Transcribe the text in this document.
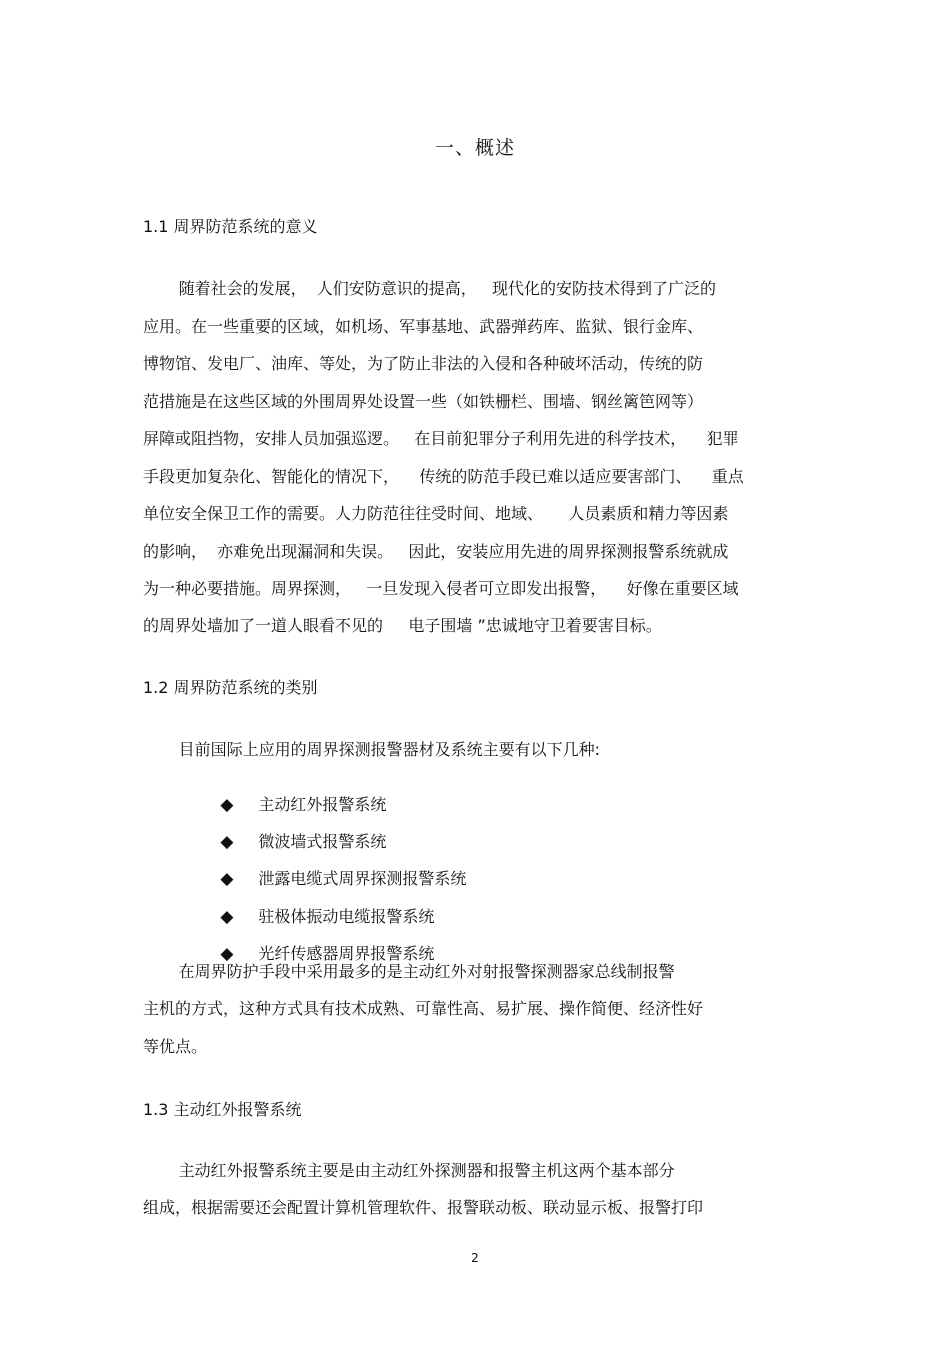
一、概述
1.1 周界防范系统的意义
随着社会的发展，  人们安防意识的提高，   现代化的安防技术得到了广泛的
应用。在一些重要的区域，如机场、军事基地、武器弹药库、监狱、银行金库、
博物馆、发电厂、油库、等处，为了防止非法的入侵和各种破坏活动，传统的防
范措施是在这些区域的外围周界处设置一些（如铁栅栏、围墙、钢丝篱笆网等）
屏障或阻挡物，安排人员加强巡逻。   在目前犯罪分子利用先进的科学技术，    犯罪
手段更加复杂化、智能化的情况下，    传统的防范手段已难以适应要害部门、    重点
单位安全保卫工作的需要。人力防范往往受时间、地域、     人员素质和精力等因素
的影响，  亦难免出现漏洞和失误。   因此，安装应用先进的周界探测报警系统就成
为一种必要措施。周界探测，   一旦发现入侵者可立即发出报警，    好像在重要区域
的周界处墙加了一道人眼看不见的     电子围墙 ”忠诚地守卫着要害目标。
1.2 周界防范系统的类别
目前国际上应用的周界探测报警器材及系统主要有以下几种:

◆ 主动红外报警系统

◆ 微波墙式报警系统

◆ 泄露电缆式周界探测报警系统

◆ 驻极体振动电缆报警系统

◆ 光纤传感器周界报警系统

在周界防护手段中采用最多的是主动红外对射报警探测器家总线制报警
主机的方式，这种方式具有技术成熟、可靠性高、易扩展、操作简便、经济性好
等优点。
1.3 主动红外报警系统
主动红外报警系统主要是由主动红外探测器和报警主机这两个基本部分
组成，根据需要还会配置计算机管理软件、报警联动板、联动显示板、报警打印
2
